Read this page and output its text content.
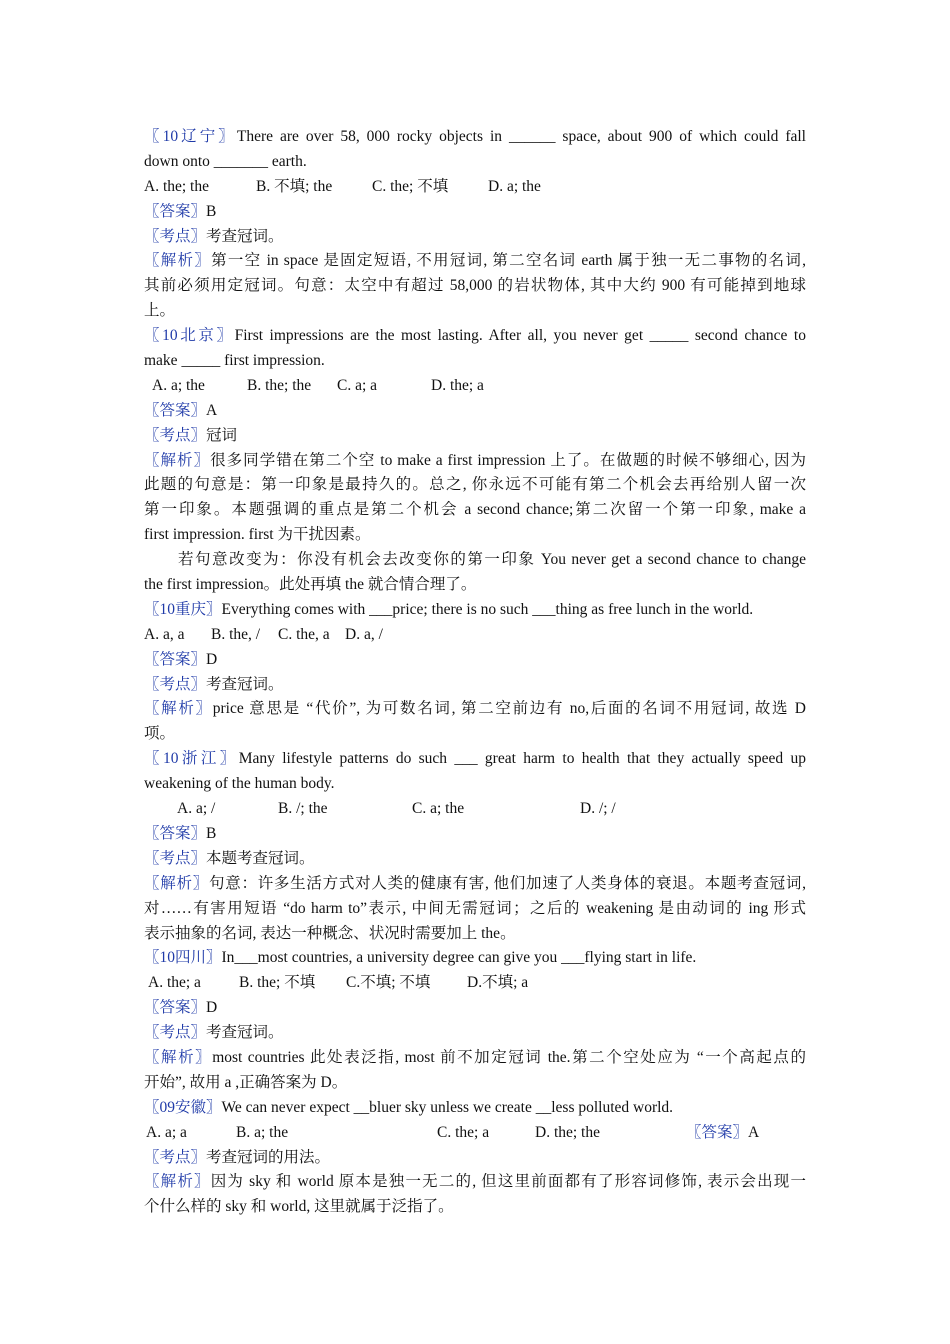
〖10辽宁〗There are over 58, 000 rocky objects in ______ space, about 900 of which could fall
down onto _______ earth.
A. the; the	B. 不填; the	C. the; 不填	D. a; the
〖答案〗B
〖考点〗考查冠词。
〖解析〗第一空 in space 是固定短语, 不用冠词, 第二空名词 earth 属于独一无二事物的名词,
其前必须用定冠词。句意：太空中有超过 58,000 的岩状物体, 其中大约 900 有可能掉到地球
上。
〖10北京〗First impressions are the most lasting. After all, you never get _____ second chance to
make _____ first impression.
A. a; the	B. the; the C. a; a	D. the; a
〖答案〗A
〖考点〗冠词
〖解析〗很多同学错在第二个空 to make a first impression 上了。在做题的时候不够细心, 因为
此题的句意是：第一印象是最持久的。总之, 你永远不可能有第二个机会去再给别人留一次
第一印象。本题强调的重点是第二个机会 a second chance;第二次留一个第一印象, make a
first impression. first 为干扰因素。
若句意改变为：你没有机会去改变你的第一印象 You never get a second chance to change
the first impression。此处再填 the 就合情合理了。
〖10重庆〗Everything comes with ___price; there is no such ___thing as free lunch in the world.
A. a, a B. the, / C. the, a D. a, /
〖答案〗D
〖考点〗考查冠词。
〖解析〗price 意思是 “代价”, 为可数名词, 第二空前边有 no,后面的名词不用冠词, 故选 D
项。
〖10浙江〗Many lifestyle patterns do such ___ great harm to health that they actually speed up
weakening of the human body.
A. a; /	B. /; the	C. a; the	D. /; /
〖答案〗B
〖考点〗本题考查冠词。
〖解析〗句意：许多生活方式对人类的健康有害, 他们加速了人类身体的衰退。本题考查冠词,
对……有害用短语 “do harm to”表示, 中间无需冠词；之后的 weakening 是由动词的 ing 形式
表示抽象的名词, 表达一种概念、状况时需要加上 the。
〖10四川〗In___most countries, a university degree can give you ___flying start in life.
A. the; a B. the; 不填 C.不填; 不填 D.不填; a
〖答案〗D
〖考点〗考查冠词。
〖解析〗most countries 此处表泛指, most 前不加定冠词 the.第二个空处应为 “一个高起点的
开始”, 故用 a ,正确答案为 D。
〖09安徽〗We can never expect __bluer sky unless we create __less polluted world.
A. a; a	B. a; the	C. the; a	D. the; the	〖答案〗A
〖考点〗考查冠词的用法。
〖解析〗因为 sky 和 world 原本是独一无二的, 但这里前面都有了形容词修饰, 表示会出现一
个什么样的 sky 和 world, 这里就属于泛指了。
